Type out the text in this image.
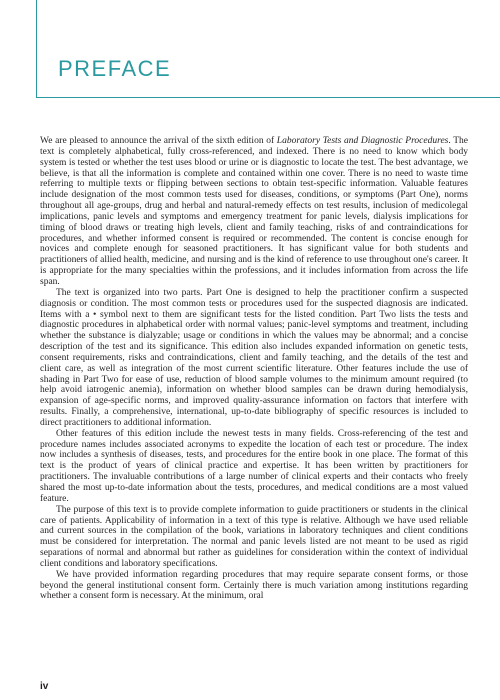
PREFACE

We are pleased to announce the arrival of the sixth edition of Laboratory Tests and Diagnostic Procedures. The text is completely alphabetical, fully cross-referenced, and indexed. There is no need to know which body system is tested or whether the test uses blood or urine or is diagnostic to locate the test. The best advantage, we believe, is that all the information is complete and contained within one cover. There is no need to waste time referring to multiple texts or flipping between sections to obtain test-specific information. Valuable features include designation of the most common tests used for diseases, conditions, or symptoms (Part One), norms throughout all age-groups, drug and herbal and natural-remedy effects on test results, inclusion of medicolegal implications, panic levels and symptoms and emergency treatment for panic levels, dialysis implications for timing of blood draws or treating high levels, client and family teaching, risks of and contraindications for procedures, and whether informed consent is required or recommended. The content is concise enough for novices and complete enough for seasoned practitioners. It has significant value for both students and practitioners of allied health, medicine, and nursing and is the kind of reference to use throughout one's career. It is appropriate for the many specialties within the professions, and it includes information from across the life span.

The text is organized into two parts. Part One is designed to help the practitioner confirm a suspected diagnosis or condition. The most common tests or procedures used for the suspected diagnosis are indicated. Items with a • symbol next to them are significant tests for the listed condition. Part Two lists the tests and diagnostic procedures in alphabetical order with normal values; panic-level symptoms and treatment, including whether the substance is dialyzable; usage or conditions in which the values may be abnormal; and a concise description of the test and its significance. This edition also includes expanded information on genetic tests, consent requirements, risks and contraindications, client and family teaching, and the details of the test and client care, as well as integration of the most current scientific literature. Other features include the use of shading in Part Two for ease of use, reduction of blood sample volumes to the minimum amount required (to help avoid iatrogenic anemia), information on whether blood samples can be drawn during hemodialysis, expansion of age-specific norms, and improved quality-assurance information on factors that interfere with results. Finally, a comprehensive, international, up-to-date bibliography of specific resources is included to direct practitioners to additional information.

Other features of this edition include the newest tests in many fields. Cross-referencing of the test and procedure names includes associated acronyms to expedite the location of each test or procedure. The index now includes a synthesis of diseases, tests, and procedures for the entire book in one place. The format of this text is the product of years of clinical practice and expertise. It has been written by practitioners for practitioners. The invaluable contributions of a large number of clinical experts and their contacts who freely shared the most up-to-date information about the tests, procedures, and medical conditions are a most valued feature.

The purpose of this text is to provide complete information to guide practitioners or students in the clinical care of patients. Applicability of information in a text of this type is relative. Although we have used reliable and current sources in the compilation of the book, variations in laboratory techniques and client conditions must be considered for interpretation. The normal and panic levels listed are not meant to be used as rigid separations of normal and abnormal but rather as guidelines for consideration within the context of individual client conditions and laboratory specifications.

We have provided information regarding procedures that may require separate consent forms, or those beyond the general institutional consent form. Certainly there is much variation among institutions regarding whether a consent form is necessary. At the minimum, oral

iv
